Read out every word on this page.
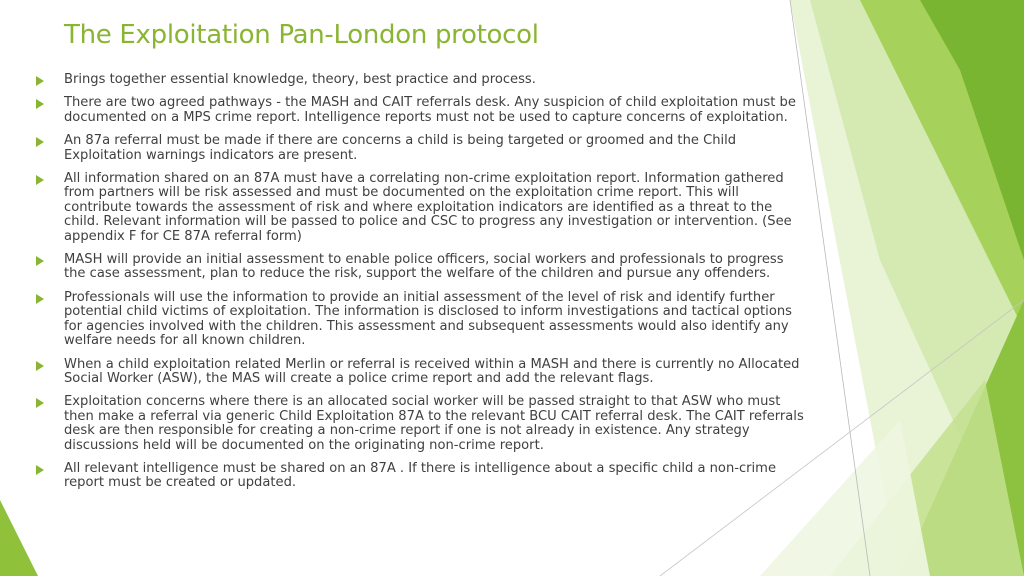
The Exploitation Pan-London protocol
Brings together essential knowledge, theory, best practice and process.
There are two agreed pathways - the MASH and CAIT referrals desk. Any suspicion of child exploitation must be documented on a MPS crime report. Intelligence reports must not be used to capture concerns of exploitation.
An 87a referral must be made if there are concerns a child is being targeted or groomed and the Child Exploitation warnings indicators are present.
All information shared on an 87A must have a correlating non-crime exploitation report. Information gathered from partners will be risk assessed and must be documented on the exploitation crime report. This will contribute towards the assessment of risk and where exploitation indicators are identified as a threat to the child. Relevant information will be passed to police and CSC to progress any investigation or intervention. (See appendix F for CE 87A referral form)
MASH will provide an initial assessment to enable police officers, social workers and professionals to progress the case assessment, plan to reduce the risk, support the welfare of the children and pursue any offenders.
Professionals will use the information to provide an initial assessment of the level of risk and identify further potential child victims of exploitation. The information is disclosed to inform investigations and tactical options for agencies involved with the children. This assessment and subsequent assessments would also identify any welfare needs for all known children.
When a child exploitation related Merlin or referral is received within a MASH and there is currently no Allocated Social Worker (ASW), the MAS will create a police crime report and add the relevant flags.
Exploitation concerns where there is an allocated social worker will be passed straight to that ASW who must then make a referral via generic Child Exploitation 87A to the relevant BCU CAIT referral desk. The CAIT referrals desk are then responsible for creating a non-crime report if one is not already in existence. Any strategy discussions held will be documented on the originating non-crime report.
All relevant intelligence must be shared on an 87A . If there is intelligence about a specific child a non-crime report must be created or updated.
